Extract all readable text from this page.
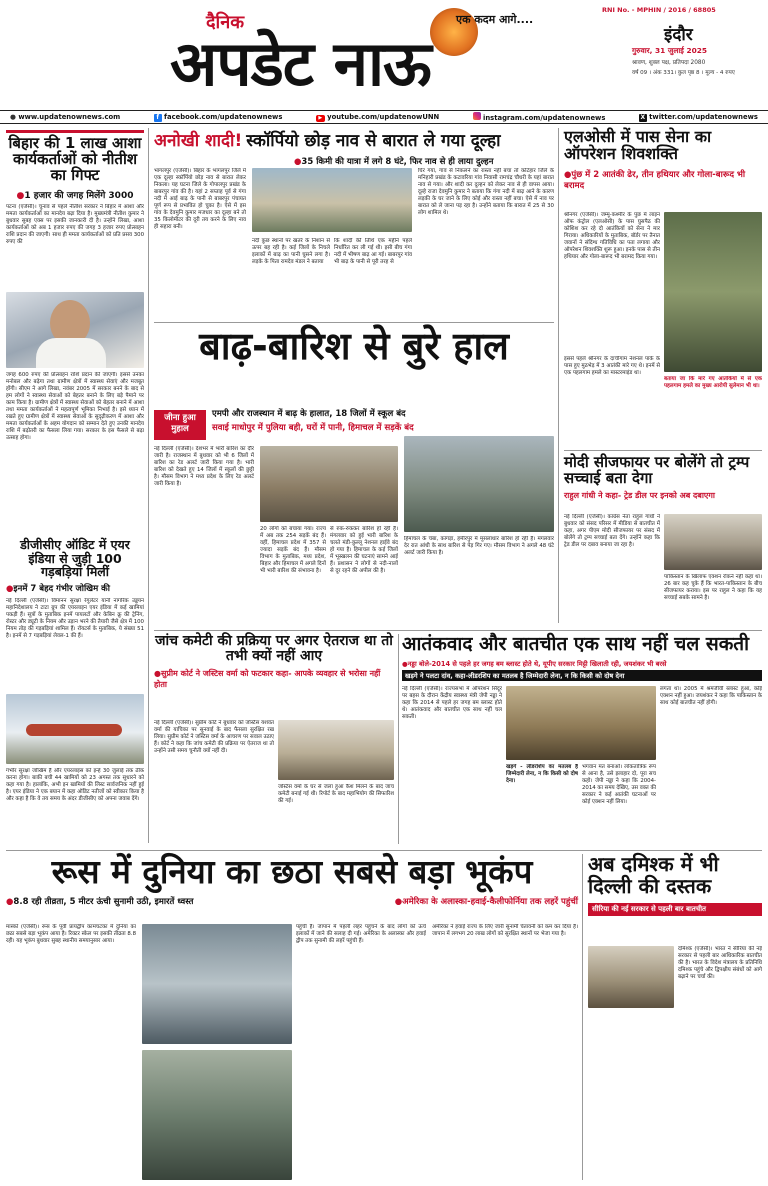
दैनिक
अपडेट नाऊ
एक कदम आगे....
RNI No. - MPHIN / 2016 / 68805
इंदौर
गुरुवार, 31 जुलाई 2025
श्रावण, शुक्ल पक्ष, प्रतिपदा 2080
वर्ष 09 । अंक 331। कुल पृष्ठ 8 । मूल्य - 4 रुपए
● www.updatenownews.com	f facebook.com/updatenownews	▶ youtube.com/updatenowUNN	instagram.com/updatenownews	X twitter.com/updatenownews
बिहार की 1 लाख आशा कार्यकर्ताओं को नीतीश का गिफ्ट
● 1 हजार की जगह मिलेंगे 3000
पटना (एजेंसी)। चुनाव से पहले नीतीश सरकार ने बिहार में आशा और ममता कार्यकर्ताओं का मानदेय बढ़ा दिया है। मुख्यमंत्री नीतीश कुमार ने बुधवार सुबह एक्स पर इसकी जानकारी दी है। उन्होंने लिखा, आशा कार्यकर्ताओं को अब 1 हजार रुपए की जगह 3 हजार रुपए प्रोत्साहन राशि प्रदान की जाएगी। साथ ही ममता कार्यकर्ताओं को प्रति प्रसव 300 रुपए की
जगह 600 रुपए की प्रोत्साहन राशि प्रदान की जाएगी। इससे उनका मनोबल और बढ़ेगा तथा ग्रामीण क्षेत्रों में स्वास्थ्य सेवाएं और मजबूत होंगी। सीएम ने आगे लिखा, नवंबर 2005 में सरकार बनने के बाद से हम लोगों ने स्वास्थ्य सेवाओं को बेहतर बनाने के लिए बड़े पैमाने पर काम किया है। ग्रामीण क्षेत्रों में स्वास्थ्य सेवाओं को बेहतर बनाने में आशा तथा ममता कार्यकर्ताओं ने महत्वपूर्ण भूमिका निभाई है। इसे ध्यान में रखते हुए ग्रामीण क्षेत्रों में स्वास्थ्य सेवाओं के सुदृढ़ीकरण में आशा और ममता कार्यकर्ताओं के अहम योगदान को सम्मान देते हुए उनकी मानदेय राशि में बढ़ोतरी का फैसला लिया गया। सरकार के इस फैसले से बढ़ा उत्साह होगा।
डीजीसीए ऑडिट में एयर इंडिया से जुड़ी 100 गड़बड़ियां मिलीं
● इनमें 7 बेहद गंभीर जोखिम की
नई दिल्ली (एजेंसी)। विमानन सुरक्षा रेगुलेटर यानी नागरिक उड्डयन महानिदेशालय ने टाटा ग्रुप की एयरलाइन एयर इंडिया में कई खामियां पकड़ी हैं। सूत्रों के मुताबिक इनमें पायलटों और केबिन क्रू की ट्रेनिंग, रोस्टर और ड्यूटी के नियम और उड़ान भरने की तैयारी जैसे क्षेत्र में 100 नियम तोड़ की गड़बड़ियां शामिल हैं। रॉयटर्स के मुताबिक, ये संख्या 51 है। इनमें से 7 गड़बड़ियां लेवल-1 की हैं।
गंभीर सुरक्षा जोखिम हैं और एयरलाइंस को इन्हें 30 जुलाई तक ठीक करना होगा। बाकी बची 44 खामियों को 23 अगस्त तक सुधारने को कहा गया है। हालांकि, अभी इन खामियों की लिस्ट सार्वजनिक नहीं हुई है। एयर इंडिया ने एक बयान में कहा ऑडिट नतीजों को स्वीकार किया है और कहा है कि वे तय समय के अंदर डीजीसीए को अपना जवाब देंगे।
अनोखी शादी! स्कॉर्पियो छोड़ नाव से बारात ले गया दूल्हा
● 35 किमी की यात्रा में लगे 8 घंटे, फिर नाव से ही लाया दुल्हन
भागलपुर (एजेंसी)। बिहार के भागलपुर जिले में एक दूल्हा स्कॉर्पियो छोड़ नाव से बारात लेकर निकला। यह घटना जिले के गोपालपुर प्रखंड के बाबरपुर गांव की है। यहां 2 सप्ताह पूर्व से गंगा नदी में आई बाढ़ के पानी से बाबरपुर पंचायत पूर्ण रूप से प्रभावित हो चुका है। ऐसे में इस गांव के देवमुनि कुमार मजधार का दूल्हा बने तो 35 किलोमीटर की दूरी तय करने के लिए नाव ही सहारा बनी।
नदी कुछ स्थानों पर खतरे के निशान से ऊपर बह रही है। कई जिलों के निचले इलाकों में बाढ़ का पानी घुसने लगा है। लड़के के पिता रामदेव मंडल ने बताया
कि शादी की तिथि एक महीने पहले निर्धारित कर ली गई थी। इसी बीच गंगा नदी में भीषण बाढ़ आ गई। बाबरपुर गांव भी बाढ़ के पानी से पूरी तरह से
घिर गया, गांव से निकलने का रास्ता नहीं बचा तो कटिहार जिले के मनिहारी प्रखंड के कटावरिया गांव निवासी रामचंद्र चौधरी के यहां बारात नाव से गया। और शादी कर दुल्हन को लेकर नाव से ही वापस आया। दूल्हे राजा देवमुनि कुमार ने बताया कि गंगा नदी में बाढ़ आने के कारण लड़की के घर जाने के लिए कोई और रास्ता नहीं बचा। ऐसे में नाव पर बारात को ले जाना पड़ रहा है। उन्होंने बताया कि बारात में 25 से 30 लोग शामिल थे।
एलओसी में पास सेना का ऑपरेशन शिवशक्ति
● पुंछ में 2 आतंकी ढेर, तीन हथियार और गोला-बारूद भी बरामद
श्रीनगर (एजेंसी)। जम्मू-कश्मीर के पुंछ में लाइन ऑफ कंट्रोल (एलओसी) के पास घुसपैठ की कोशिश कर रहे दो आतंकियों को सेना ने मार गिराया। अधिकारियों के मुताबिक, बॉर्डर पर तैनात जवानों ने संदिग्ध गतिविधि का पता लगाया और ऑपरेशन शिवशक्ति शुरू हुआ। इनके पास से तीन हथियार और गोला-बारूद भी बरामद किया गया।
इससे पहले श्रीनगर के दाचीगाम नेशनल पार्क के पास हुए मुठभेड़ में 3 आतंकी मारे गए थे। इनमें से एक पहलगाम हमले का मास्टरमाइंड था।
बताया जा कि मारे गए आतंकियों में से एक पहलगाम हमले का मुख्य आरोपी सुलेमान भी था।
बाढ़-बारिश से बुरे हाल
जीना हुआ मुहाल
एमपी और राजस्थान में बाढ़ के हालात, 18 जिलों में स्कूल बंद
सवाई माधोपुर में पुलिया बही, घरों में पानी, हिमाचल में सड़कें बंद
नई दिल्ली (एजेंसी)। देशभर में भारी बारिश का दौर जारी है। राजस्थान में बुधवार को भी 6 जिलों में बारिश का रेड अलर्ट जारी किया गया है। भारी बारिश को देखते हुए 14 जिलों में स्कूलों की छुट्टी है। मौसम विभाग ने मध्य प्रदेश के लिए रेड अलर्ट जारी किया है।
20 लोगों को बचाया गया। राज्य में अब तक 254 सड़कें बंद हैं। वहीं, हिमाचल प्रदेश में 357 से ज्यादा सड़कें बंद हैं। मौसम विभाग के मुताबिक, मध्य प्रदेश, बिहार और हिमाचल में अगले दिनों भी भारी बारिश की संभावना है।
से रुक-रुककर बारिश हो रही है। मंगलवार को हुई भारी बारिश के चलते मंडी-कुल्लू नेशनल हाईवे बंद हो गया है। हिमाचल के कई जिलों में भूस्खलन की घटनाएं सामने आई हैं। प्रशासन ने लोगों से नदी-नालों से दूर रहने की अपील की है।
हिमाचल के चंबा, कांगड़ा, हमीरपुर में मूसलाधार बारिश हो रही है। मंगलवार देर रात आंधी के साथ बारिश से पेड़ गिर गए। मौसम विभाग ने अगले 48 घंटे अलर्ट जारी किया है।
मोदी सीजफायर पर बोलेंगे तो ट्रम्प सच्चाई बता देगा
राहुल गांधी ने कहा- ट्रेड डील पर इनको अब दबाएगा
नई दिल्ली (एजेंसी)। कांग्रेस नेता राहुल गांधी ने बुधवार को संसद परिसर में मीडिया से बातचीत में कहा, अगर पीएम मोदी सीजफायर पर संसद में बोलेंगे तो ट्रम्प सच्चाई बता देंगे। उन्होंने कहा कि ट्रेड डील पर दबाव बनाया जा रहा है।
पाकिस्तान के खिलाफ एक्शन रोकने नहीं कहा था। 26 बार कह चुके हैं कि भारत-पाकिस्तान के बीच सीजफायर कराया। इस पर राहुल ने कहा कि यह सच्चाई सबके सामने है।
जांच कमेटी की प्रक्रिया पर अगर ऐतराज था तो तभी क्यों नहीं आए
● सुप्रीम कोर्ट ने जस्टिस वर्मा को फटकार कहा- आपके व्यवहार से भरोसा नहीं होता
नई दिल्ली (एजेंसी)। सुप्रीम कोर्ट ने बुधवार को जस्टिस यशवंत वर्मा की याचिका पर सुनवाई के बाद फैसला सुरक्षित रख लिया। सुप्रीम कोर्ट ने जस्टिस वर्मा के आचरण पर सवाल उठाए हैं। कोर्ट ने कहा कि जांच कमेटी की प्रक्रिया पर ऐतराज था तो उन्होंने उसी समय चुनौती क्यों नहीं दी।
जस्टिस वर्मा के घर से जला हुआ कैश मिलने के बाद जांच कमेटी बनाई गई थी। रिपोर्ट के बाद महाभियोग की सिफारिश की गई।
आतंकवाद और बातचीत एक साथ नहीं चल सकती
● नड्डा बोले-2014 से पहले हर जगह बम ब्लास्ट होते थे, यूपीए सरकार मिट्टी खिलाती रही, जयशंकर भी बरसे
खड़गे ने पलटा दांव, कहा-लीडरशिप का मतलब है जिम्मेदारी लेना, न कि किसी को दोष देना
नई दिल्ली (एजेंसी)। राज्यसभा में ऑपरेशन सिंदूर पर बहस के दौरान केंद्रीय स्वास्थ्य मंत्री जेपी नड्डा ने कहा कि 2014 से पहले हर जगह बम ब्लास्ट होते थे। आतंकवाद और बातचीत एक साथ नहीं चल सकती।
खड़गे - लीडरशिप का मतलब है जिम्मेदारी लेना, न कि किसी को दोष देना।
भगवान मत बनाओ। लोकतांत्रिक रूप से आना है, उसे इलाहार दो, पूरा सच कहो। जेपी नड्डा ने कहा कि 2004-2014 का समय देखिए, उस वक्त की सरकार ने कई आतंकी घटनाओं पर कोई एक्शन नहीं लिया।
लगता था। 2005 में श्रमजीवी ब्लास्ट हुआ, कोई एक्शन नहीं हुआ। जयशंकर ने कहा कि पाकिस्तान के साथ कोई बातचीत नहीं होगी।
रूस में दुनिया का छठा सबसे बड़ा भूकंप
● 8.8 रही तीव्रता, 5 मीटर ऊंची सुनामी उठी, इमारतें ध्वस्त
●	अमेरिका के अलास्का-हवाई-कैलीफोर्निया तक लहरें पहुंचीं
मास्को (एजेंसी)। रूस के पूर्वी प्रायद्वीप कामचटका में दुनिया का छठा सबसे बड़ा भूकंप आया है। रिक्टर स्केल पर इसकी तीव्रता 8.8 रही। यह भूकंप बुधवार सुबह स्थानीय समयानुसार आया।
पहुंची है। जापान में पहली लहर पहुंचने के बाद लोगों को ऊंचे इलाकों में जाने की सलाह दी गई। अमेरिका के अलास्का और हवाई द्वीप तक सुनामी की लहरें पहुंची हैं।
अमेरिका ने हवाई राज्य के लिए जारी सुनामी चेतावनी को कम कर दिया है। जापान में लगभग 20 लाख लोगों को सुरक्षित स्थानों पर भेजा गया है।
अब दमिश्क में भी दिल्ली की दस्तक
सीरिया की नई सरकार से पहली बार बातचीत
दमिश्क (एजेंसी)। भारत ने सीरिया की नई सरकार से पहली बार आधिकारिक बातचीत की है। भारत के विदेश मंत्रालय के प्रतिनिधि दमिश्क पहुंचे और द्विपक्षीय संबंधों को आगे बढ़ाने पर चर्चा की।
